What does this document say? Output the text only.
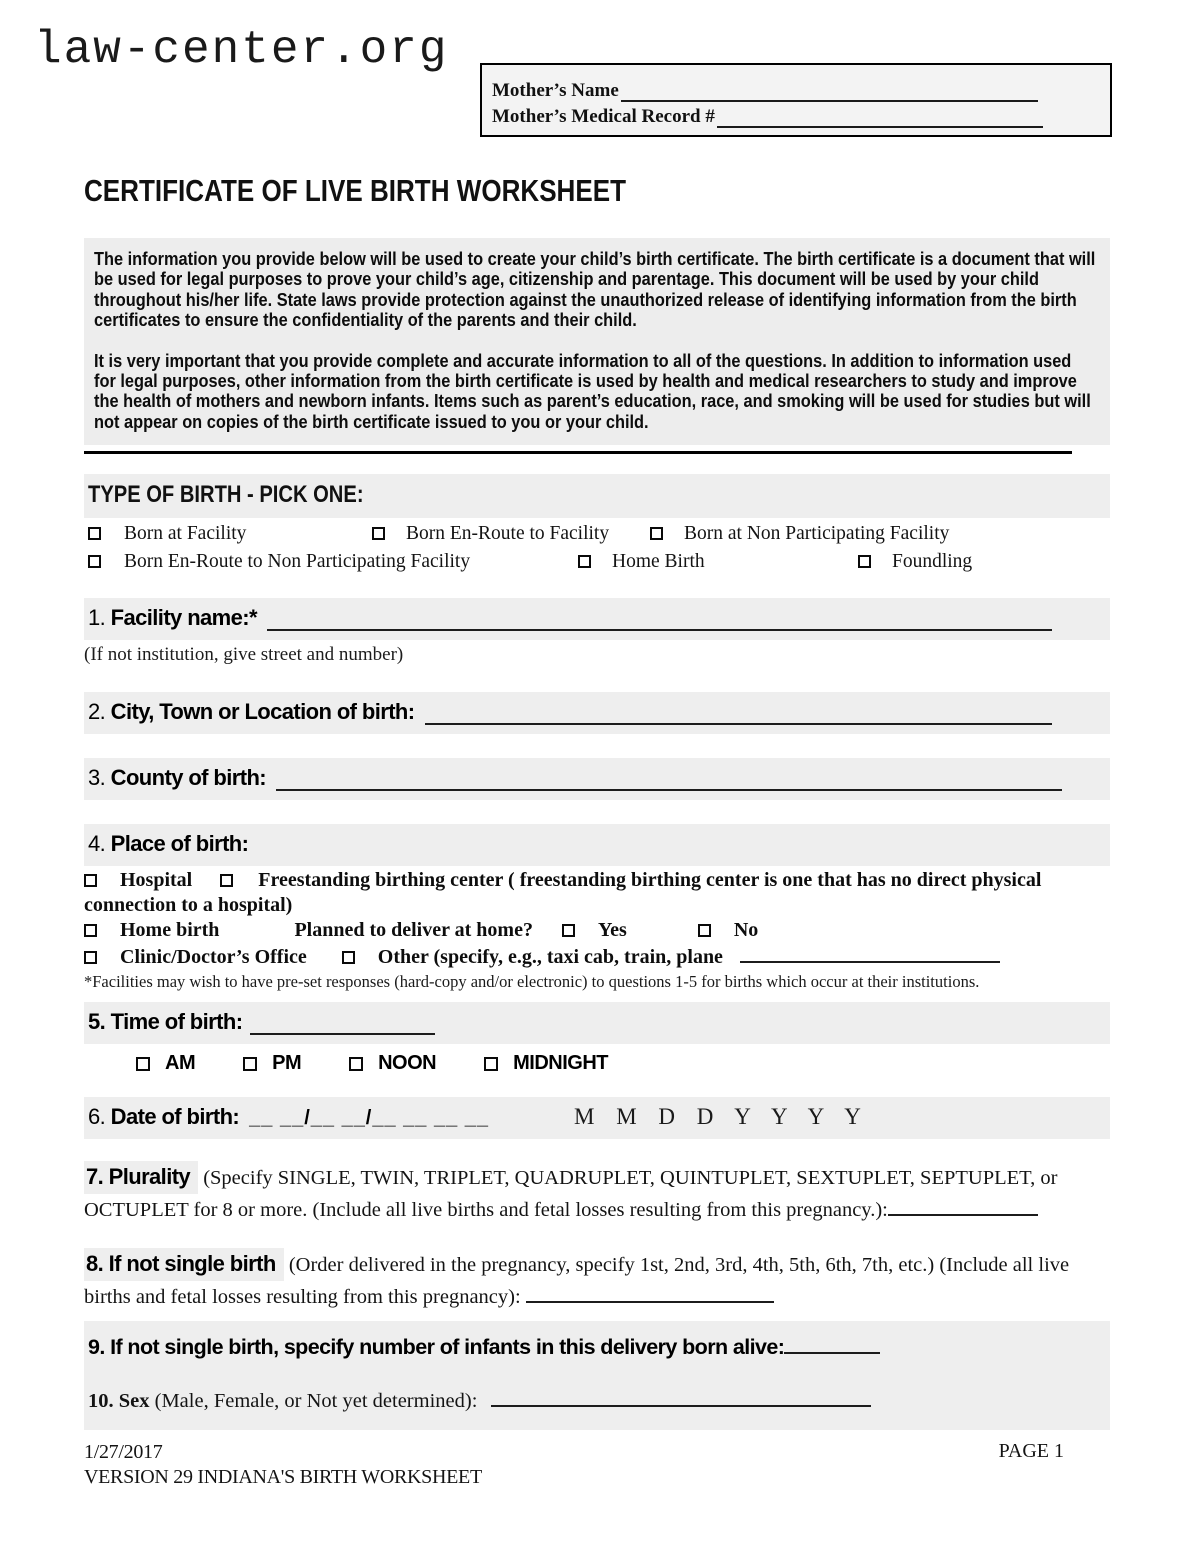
law-center.org
Mother’s Name
Mother’s Medical Record #
CERTIFICATE OF LIVE BIRTH WORKSHEET

The information you provide below will be used to create your child’s birth certificate. The birth certificate is a document that will be used for legal purposes to prove your child’s age, citizenship and parentage. This document will be used by your child throughout his/her life. State laws provide protection against the unauthorized release of identifying information from the birth certificates to ensure the confidentiality of the parents and their child.

It is very important that you provide complete and accurate information to all of the questions. In addition to information used for legal purposes, other information from the birth certificate is used by health and medical researchers to study and improve the health of mothers and newborn infants. Items such as parent’s education, race, and smoking will be used for studies but will not appear on copies of the birth certificate issued to you or your child.

TYPE OF BIRTH - PICK ONE:
Born at Facility	Born En-Route to Facility	Born at Non Participating Facility
Born En-Route to Non Participating Facility	Home Birth	Foundling
1. Facility name:*
(If not institution, give street and number)
2. City, Town or Location of birth:
3. County of birth:
4. Place of birth:
Hospital	Freestanding birthing center ( freestanding birthing center is one that has no direct physical connection to a hospital)
Home birth	Planned to deliver at home?	Yes	No
Clinic/Doctor’s Office	Other (specify, e.g., taxi cab, train, plane
*Facilities may wish to have pre-set responses (hard-copy and/or electronic) to questions 1-5 for births which occur at their institutions.
5. Time of birth:
AM	PM	NOON	MIDNIGHT
6. Date of birth: __ __/__ __/__ __ __ __	M M D D Y Y Y Y
7. Plurality (Specify SINGLE, TWIN, TRIPLET, QUADRUPLET, QUINTUPLET, SEXTUPLET, SEPTUPLET, or OCTUPLET for 8 or more. (Include all live births and fetal losses resulting from this pregnancy.):
8. If not single birth (Order delivered in the pregnancy, specify 1st, 2nd, 3rd, 4th, 5th, 6th, 7th, etc.) (Include all live births and fetal losses resulting from this pregnancy):
9. If not single birth, specify number of infants in this delivery born alive:
10. Sex (Male, Female, or Not yet determined):
1/27/2017
VERSION 29 INDIANA'S BIRTH WORKSHEET
PAGE 1
